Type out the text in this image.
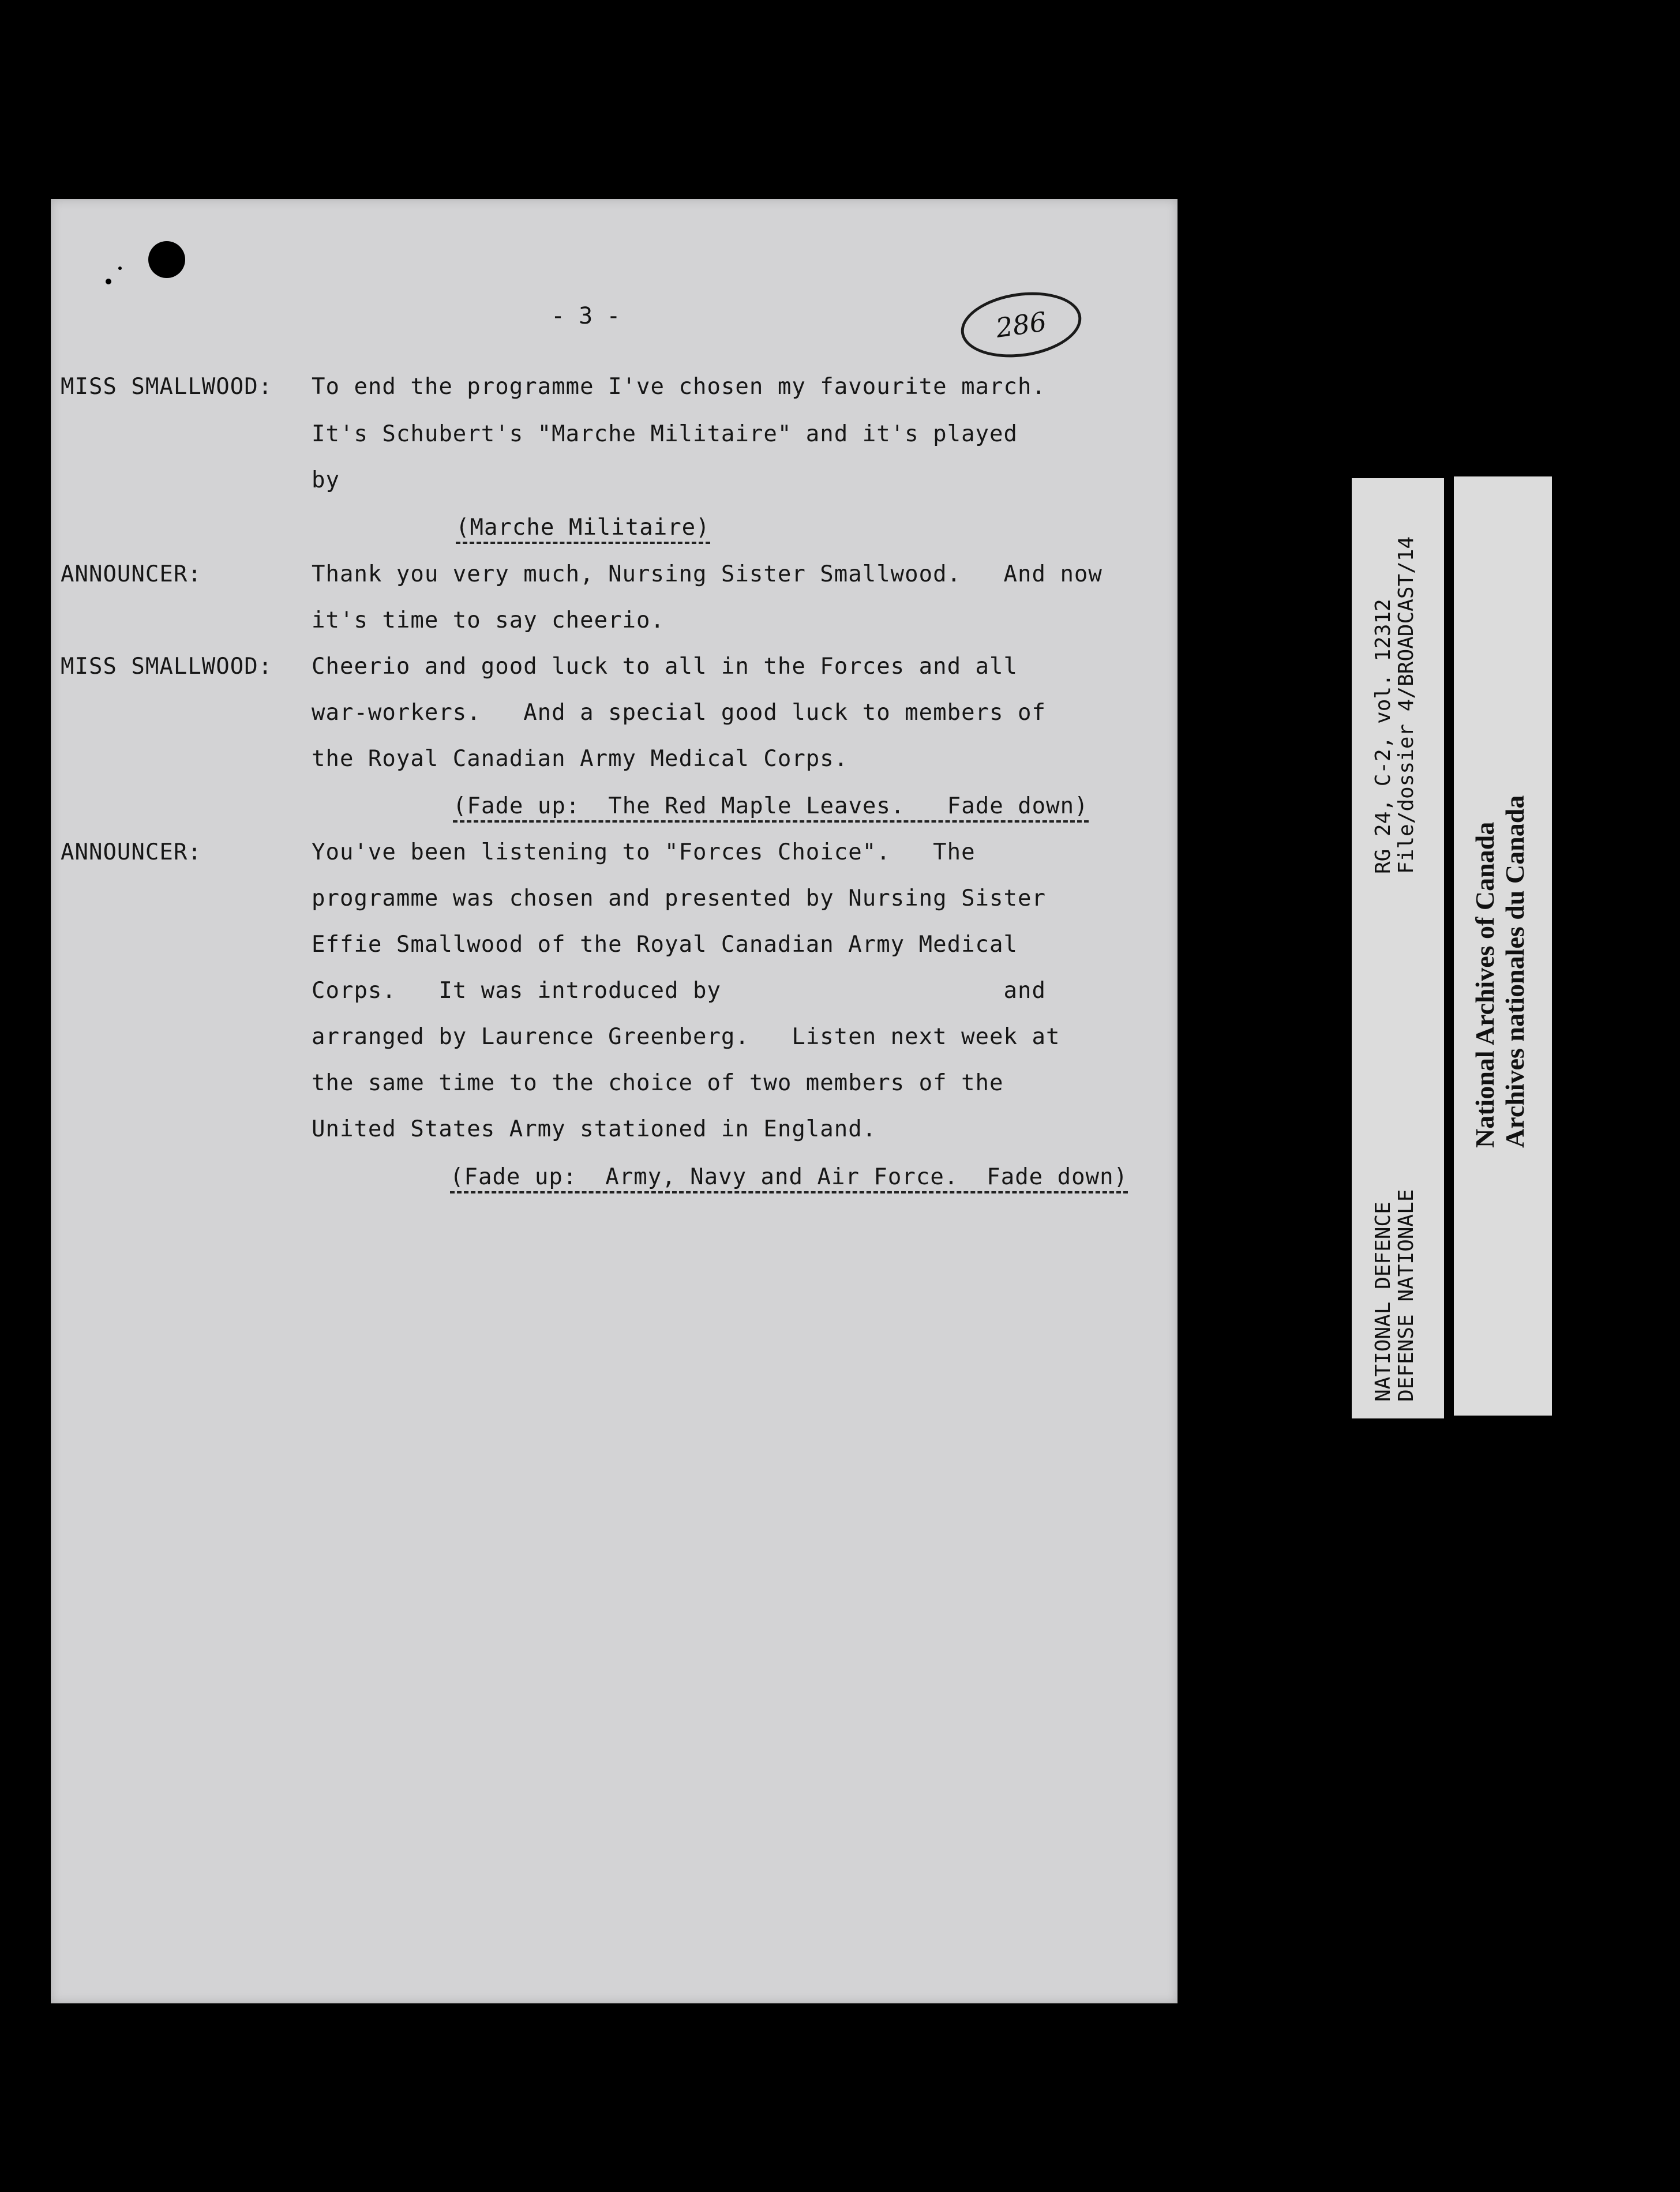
- 3 -	286
MISS SMALLWOOD: To end the programme I've chosen my favourite march.
It's Schubert's "Marche Militaire" and it's played
by
(Marche Militaire)
ANNOUNCER:	Thank you very much, Nursing Sister Smallwood.   And now
it's time to say cheerio.
MISS SMALLWOOD: Cheerio and good luck to all in the Forces and all
war-workers.   And a special good luck to members of
the Royal Canadian Army Medical Corps.
(Fade up:  The Red Maple Leaves.   Fade down)
ANNOUNCER:	You've been listening to "Forces Choice".   The
programme was chosen and presented by Nursing Sister
Effie Smallwood of the Royal Canadian Army Medical
Corps.   It was introduced by                    and
arranged by Laurence Greenberg.   Listen next week at
the same time to the choice of two members of the
United States Army stationed in England.
(Fade up:  Army, Navy and Air Force.  Fade down)
NATIONAL DEFENCE DEFENSE NATIONALE
RG 24, C-2, vol. 12312 File/dossier 4/BROADCAST/14
National Archives of Canada Archives nationales du Canada
